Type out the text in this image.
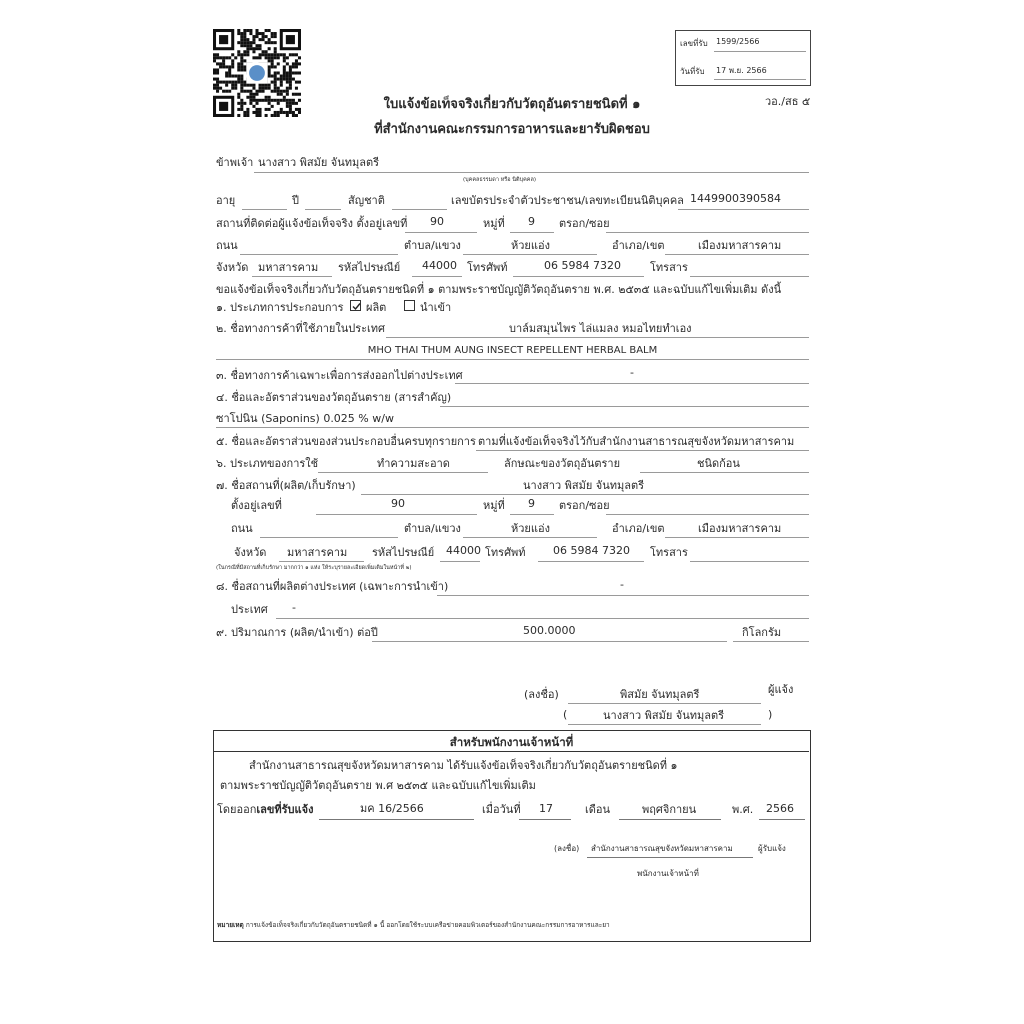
เลขที่รับ 1599/2566
วันที่รับ 17 พ.ย. 2566
วอ./สธ ๕
ใบแจ้งข้อเท็จจริงเกี่ยวกับวัตถุอันตรายชนิดที่ ๑
ที่สำนักงานคณะกรรมการอาหารและยารับผิดชอบ
ข้าพเจ้า นางสาว พิสมัย จันทมุลตรี
(บุคคลธรรมดา หรือ นิติบุคคล)
อายุ	ปี	สัญชาติ	เลขบัตรประจำตัวประชาชน/เลขทะเบียนนิติบุคคล 1449900390584
สถานที่ติดต่อผู้แจ้งข้อเท็จจริง ตั้งอยู่เลขที่ 90	หมู่ที่ 9 ตรอก/ซอย
ถนน	ตำบล/แขวง	ห้วยแอ่ง	อำเภอ/เขต	เมืองมหาสารคาม
จังหวัด มหาสารคาม รหัสไปรษณีย์ 44000 โทรศัพท์	06 5984 7320	โทรสาร
ขอแจ้งข้อเท็จจริงเกี่ยวกับวัตถุอันตรายชนิดที่ ๑ ตามพระราชบัญญัติวัตถุอันตราย พ.ศ. ๒๕๓๕ และฉบับแก้ไขเพิ่มเติม ดังนี้
๑. ประเภทการประกอบการ ผลิต	นำเข้า
๒. ชื่อทางการค้าที่ใช้ภายในประเทศ	บาล์มสมุนไพร ไล่แมลง หมอไทยทำเอง
MHO THAI THUM AUNG INSECT REPELLENT HERBAL BALM
๓. ชื่อทางการค้าเฉพาะเพื่อการส่งออกไปต่างประเทศ	-
๔. ชื่อและอัตราส่วนของวัตถุอันตราย (สารสำคัญ)
ซาโปนิน (Saponins) 0.025 % w/w
๕. ชื่อและอัตราส่วนของส่วนประกอบอื่นครบทุกรายการ ตามที่แจ้งข้อเท็จจริงไว้กับสำนักงานสาธารณสุขจังหวัดมหาสารคาม
๖. ประเภทของการใช้	ทำความสะอาด	ลักษณะของวัตถุอันตราย	ชนิดก้อน
๗. ชื่อสถานที่(ผลิต/เก็บรักษา)	นางสาว พิสมัย จันทมุลตรี
ตั้งอยู่เลขที่	90	หมู่ที่ 9 ตรอก/ซอย
ถนน	ตำบล/แขวง	ห้วยแอ่ง	อำเภอ/เขต	เมืองมหาสารคาม
จังหวัด มหาสารคาม รหัสไปรษณีย์ 44000 โทรศัพท์ 06 5984 7320 โทรสาร
(ในกรณีที่มีสถานที่เก็บรักษา มากกว่า ๑ แห่ง ให้ระบุรายละเอียดเพิ่มเติมในหน้าที่ ๒)
๘. ชื่อสถานที่ผลิตต่างประเทศ (เฉพาะการนำเข้า)	-
ประเทศ -
๙. ปริมาณการ (ผลิต/นำเข้า) ต่อปี	500.0000	กิโลกรัม
(ลงชื่อ)	พิสมัย จันทมุลตรี	ผู้แจ้ง
(	นางสาว พิสมัย จันทมุลตรี	)
สำหรับพนักงานเจ้าหน้าที่
สำนักงานสาธารณสุขจังหวัดมหาสารคาม ได้รับแจ้งข้อเท็จจริงเกี่ยวกับวัตถุอันตรายชนิดที่ ๑
ตามพระราชบัญญัติวัตถุอันตราย พ.ศ ๒๕๓๕ และฉบับแก้ไขเพิ่มเติม
โดยออกเลขที่รับแจ้ง	มค 16/2566	เมื่อวันที่ 17	เดือน	พฤศจิกายน	พ.ศ. 2566
(ลงชื่อ) สำนักงานสาธารณสุขจังหวัดมหาสารคาม	ผู้รับแจ้ง
พนักงานเจ้าหน้าที่
หมายเหตุ การแจ้งข้อเท็จจริงเกี่ยวกับวัตถุอันตรายชนิดที่ ๑ นี้ ออกโดยใช้ระบบเครือข่ายคอมพิวเตอร์ของสำนักงานคณะกรรมการอาหารและยา
